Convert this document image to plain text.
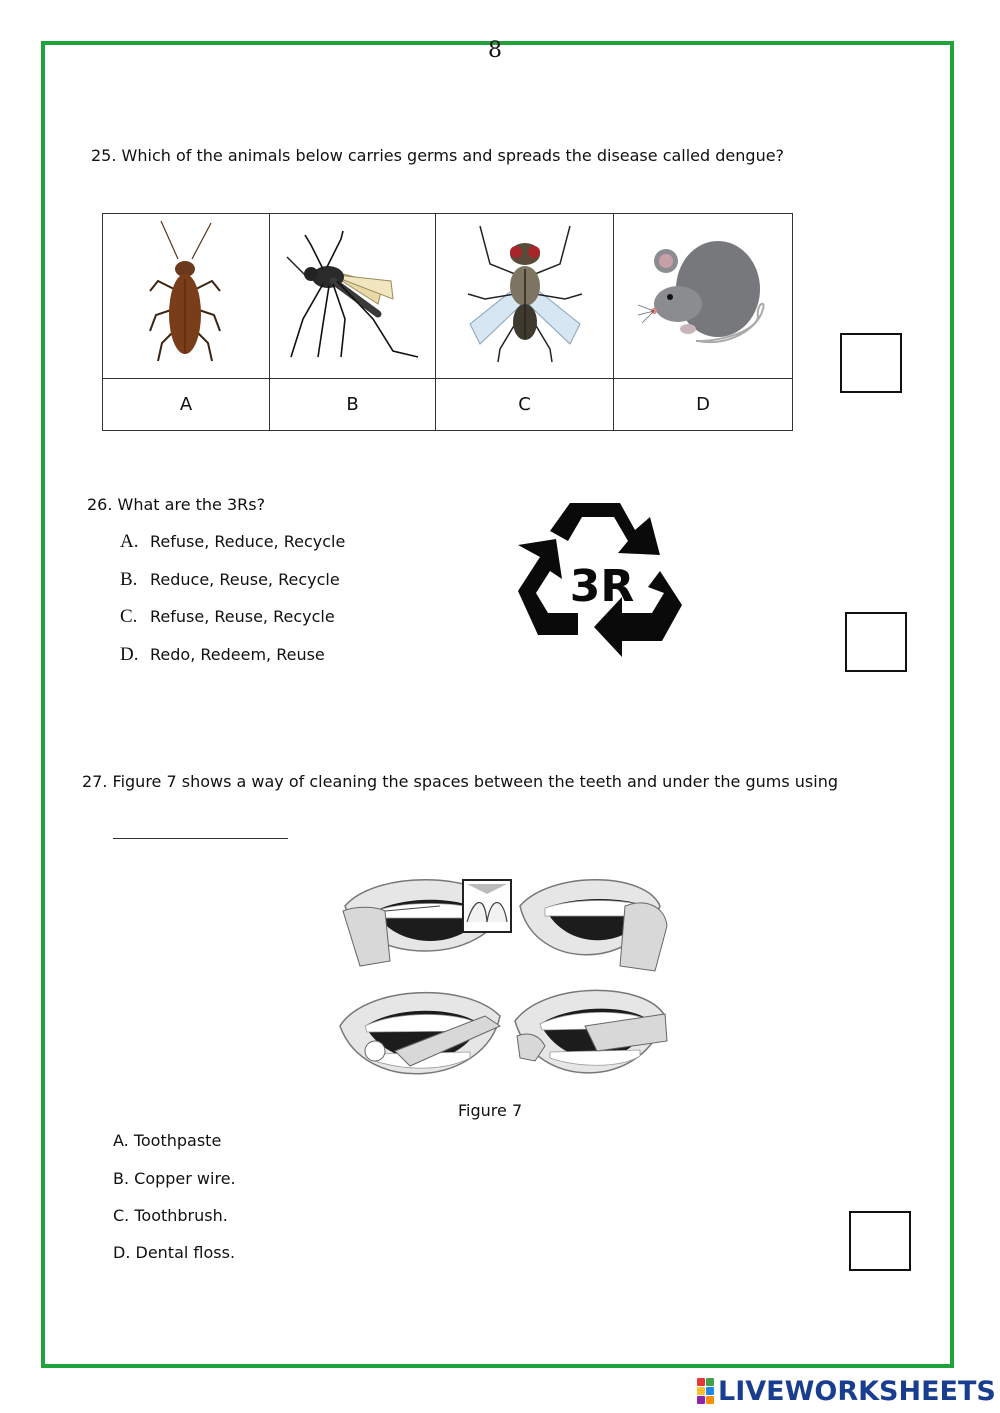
8
25. Which of the animals below carries germs and spreads the disease called dengue?

A	B	C	D
26. What are the 3Rs?
A. Refuse, Reduce, Recycle
B. Reduce, Reuse, Recycle
C. Refuse, Reuse, Recycle
D. Redo, Redeem, Reuse
3R
27. Figure 7 shows a way of cleaning the spaces between the teeth and under the gums using
Figure 7
A. Toothpaste
B. Copper wire.
C. Toothbrush.
D. Dental floss.
LIVEWORKSHEETS
